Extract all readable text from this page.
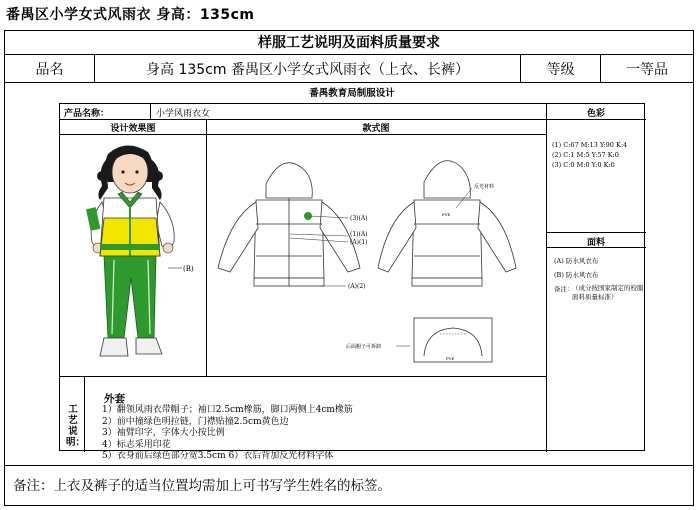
番禺区小学女式风雨衣 身高：135cm
样服工艺说明及面料质量要求
品名	身高 135cm 番禺区小学女式风雨衣（上衣、长裤）	等级	一等品
番禺教育局制服设计
产品名称：	小学风雨衣女	色彩
设计效果图	款式图
面料
(1) C:67 M:13 Y:90 K:4
(2) C:1 M:5 Y:57 K:0
(3) C:0 M:0 Y:0 K:0
(A) 防水风衣布
(B) 防水风衣布
备注：
（成分按国家制定的校服面料质量标准）
(B)
(3)(A)
(1)(A)
(A)(1)
(A)(2)
反光材料
PYE
PYE
后面帽子可拆卸
工艺说明：
外套
1）翻领风雨衣带帽子；袖口2.5cm橡筋，脚口两侧上4cm橡筋
2）前中撞绿色明拉链，门襟贴撞2.5cm黄色边
3）袖臂印字，字体大小按比例
4）标志采用印花
5）衣身前后绿色部分宽3.5cm 6）衣后背加反光材料字体
备注：上衣及裤子的适当位置均需加上可书写学生姓名的标签。
